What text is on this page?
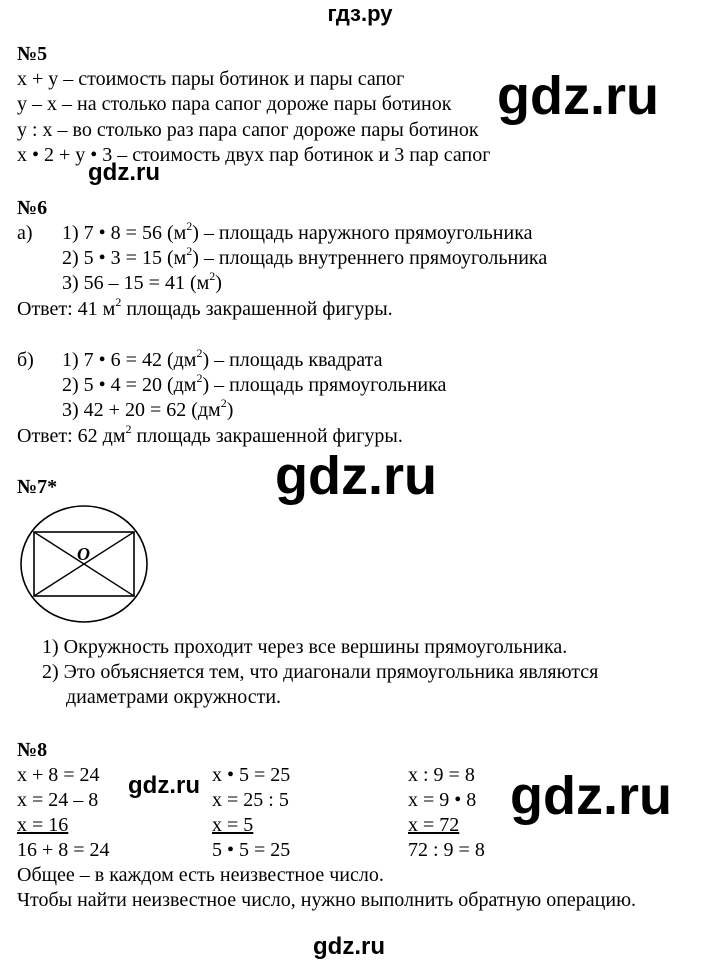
гдз.ру
gdz.ru
gdz.ru
gdz.ru
gdz.ru	gdz.ru
gdz.ru
№5
х + у – стоимость пары ботинок и пары сапог
у – х – на столько пара сапог дороже пары ботинок
у : х – во столько раз пара сапог дороже пары ботинок
х • 2 + у • 3 – стоимость двух пар ботинок и 3 пар сапог
№6
а) 1) 7 • 8 = 56 $(м^2)$ – площадь наружного прямоугольника
2) 5 • 3 = 15 $(м^2)$ – площадь внутреннего прямоугольника
3) 56 – 15 = 41 $(м^2)$
Ответ: 41 $м^2$ площадь закрашенной фигуры.
б) 1) 7 • 6 = 42 $(дм^2)$ – площадь квадрата
2) 5 • 4 = 20 $(дм^2)$ – площадь прямоугольника
3) 42 + 20 = 62 $(дм^2)$
Ответ: 62 $дм^2$ площадь закрашенной фигуры.
№7*
О
1) Окружность проходит через все вершины прямоугольника.
2) Это объясняется тем, что диагонали прямоугольника являются
диаметрами окружности.
№8
х + 8 = 24
х = 24 – 8
х = 16
16 + 8 = 24
х • 5 = 25
х = 25 : 5
х = 5
5 • 5 = 25
х : 9 = 8
х = 9 • 8
х = 72
72 : 9 = 8
Общее – в каждом есть неизвестное число.
Чтобы найти неизвестное число, нужно выполнить обратную операцию.
